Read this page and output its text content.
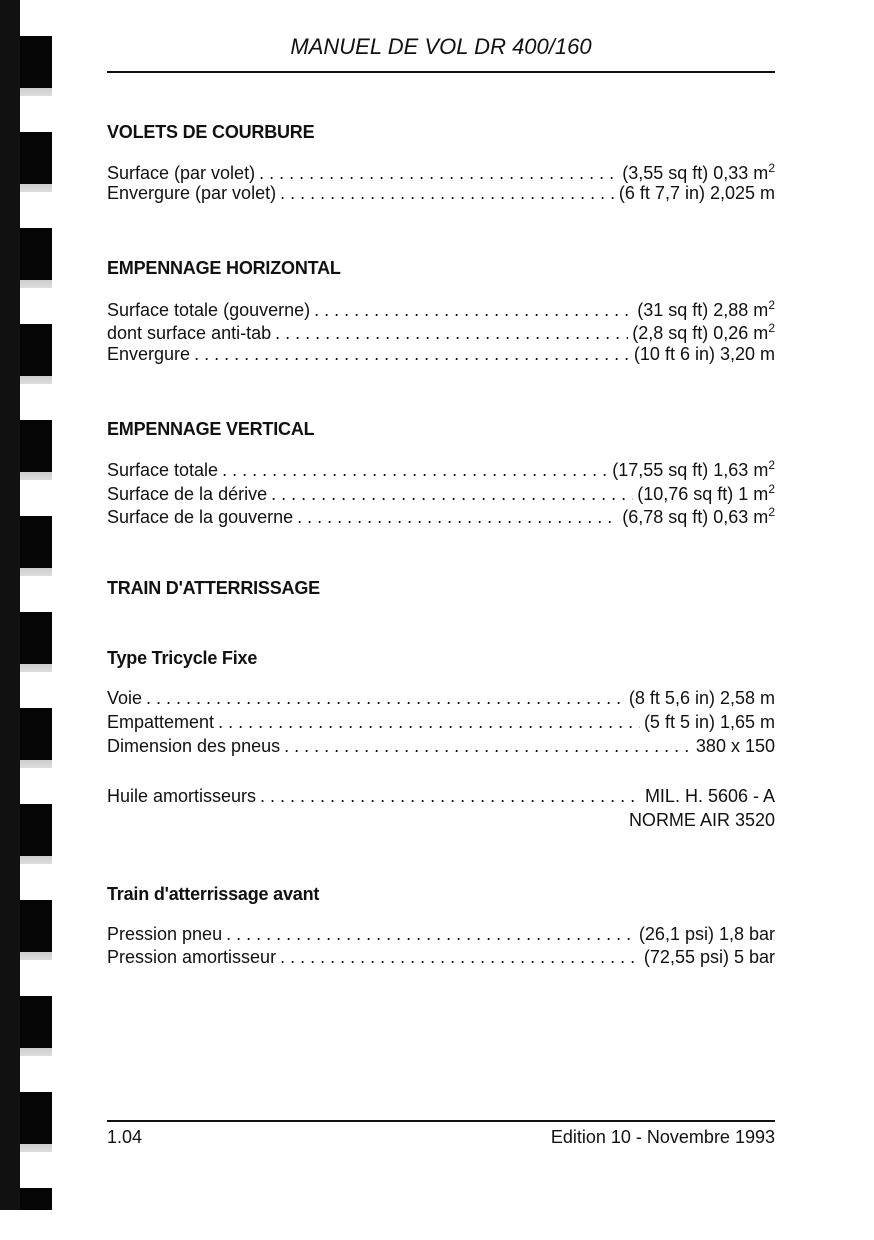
MANUEL DE VOL DR 400/160
VOLETS DE COURBURE
Surface (par volet) . . .	(3,55 sq ft) 0,33 $m^2$
Envergure (par volet) . . .	(6 ft 7,7 in) 2,025 m
EMPENNAGE HORIZONTAL
Surface totale (gouverne) . . .	(31 sq ft) 2,88 $m^2$
dont surface anti-tab . . .	(2,8 sq ft) 0,26 $m^2$
Envergure . . .	(10 ft 6 in) 3,20 m
EMPENNAGE VERTICAL
Surface totale . . .	(17,55 sq ft) 1,63 $m^2$
Surface de la dérive . . .	(10,76 sq ft) 1 $m^2$
Surface de la gouverne . . .	(6,78 sq ft) 0,63 $m^2$
TRAIN D'ATTERRISSAGE
Type Tricycle Fixe
Voie . . .	(8 ft 5,6 in) 2,58 m
Empattement . . .	(5 ft 5 in) 1,65 m
Dimension des pneus . . .	380 x 150
Huile amortisseurs . . .	MIL. H. 5606 - A
NORME AIR 3520
Train d'atterrissage avant
Pression pneu . . .	(26,1 psi) 1,8 bar
Pression amortisseur . . .	(72,55 psi) 5 bar
1.04	Edition 10 - Novembre 1993
